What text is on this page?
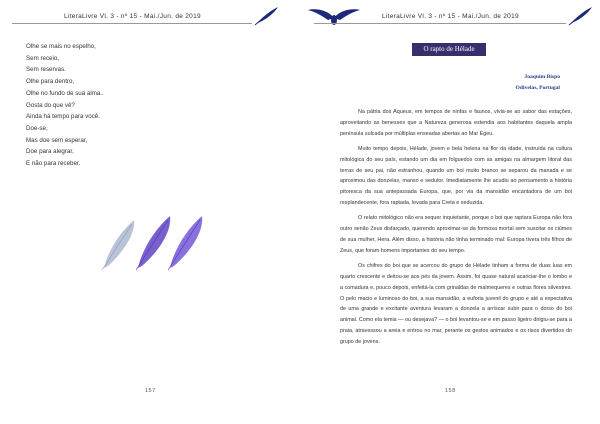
LiteraLivre Vl. 3 - nº 15 - Mai./Jun. de 2019
Olhe se mais no espelho,
Sem receio,
Sem reservas.
Olhe para dentro,
Olhe no fundo de sua alma..
Gosta do que vê?
Ainda há tempo para você.
Doe-se,
Mas doe sem esperar,
Doe para alegrar,
E não para receber.
157
LiteraLivre Vl. 3 - nº 15 - Mai./Jun. de 2019
O rapto de Hélade
Joaquim Bispo
Odivelas, Portugal

Na pátria dos Aqueus, em tempos de ninfas e faunos, vivia-se ao sabor das estações, aproveitando as benesses que a Natureza generosa estendia aos habitantes daquela ampla península sulcada por múltiplas enseadas abertas ao Mar Egeu.

Muito tempo depois, Hélade, jovem e bela helena na flor da idade, instruída na cultura mitológica do seu país, estando um dia em folguedos com as amigas na almargem litoral das terras de seu pai, não estranhou, quando um boi muito branco se separou da manada e se aproximou das donzelas, manso e sedutor. Imediatamente lhe acudiu ao pensamento a história pitoresca da sua antepassada Europa, que, por via da mansidão encantadora de um boi resplandecente, fora raptada, levada para Creta e seduzida.

O relato mitológico não era sequer inquietante, porque o boi que raptara Europa não fora outro senão Zeus disfarçado, querendo aproximar-se da formosa mortal sem suscitar os ciúmes de sua mulher, Hera. Além disso, a história não tinha terminado mal: Europa tivera três filhos de Zeus, que foram homens importantes do seu tempo.

Os chifres do boi que se acercou do grupo de Hélade tinham a forma de duas luas em quarto crescente e deitou-se aos pés da jovem. Assim, foi quase natural acariciar-lhe o lombo e a comadura e, pouco depois, enfeitá-la com grinaldas de malmequeres e outras flores silvestres. O pelo macio e luminoso do boi, a sua mansidão, a euforia juvenil do grupo e até a expectativa de uma grande e excitante aventura levaram a donzela a arriscar subir para o dorso do boi animal. Como ela temia — ou desejava? — o boi levantou-se e em passo ligeiro dirigiu-se para a praia, atravessou a areia e entrou no mar, perante os gestos animados e os risos divertidos do grupo de jovens.

158
